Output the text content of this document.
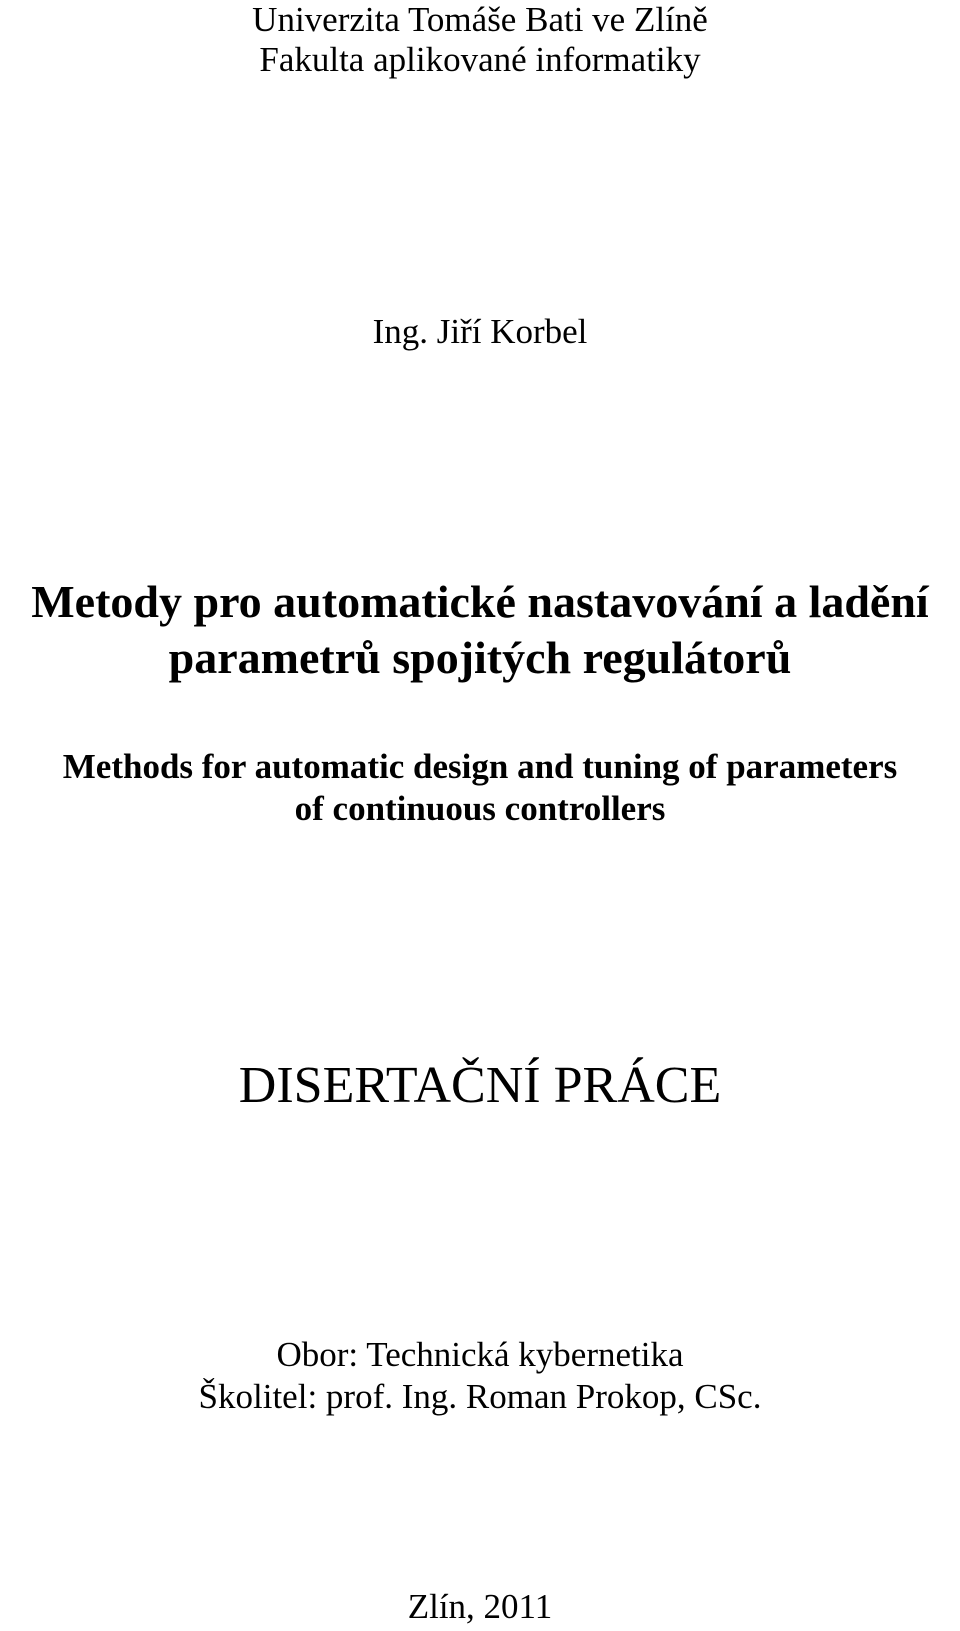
Univerzita Tomáše Bati ve Zlíně

Fakulta aplikované informatiky

Ing. Jiří Korbel

Metody pro automatické nastavování a ladění
parametrů spojitých regulátorů
Methods for automatic design and tuning of parameters
of continuous controllers

DISERTAČNÍ PRÁCE

Obor: Technická kybernetika

Školitel: prof. Ing. Roman Prokop, CSc.

Zlín, 2011
